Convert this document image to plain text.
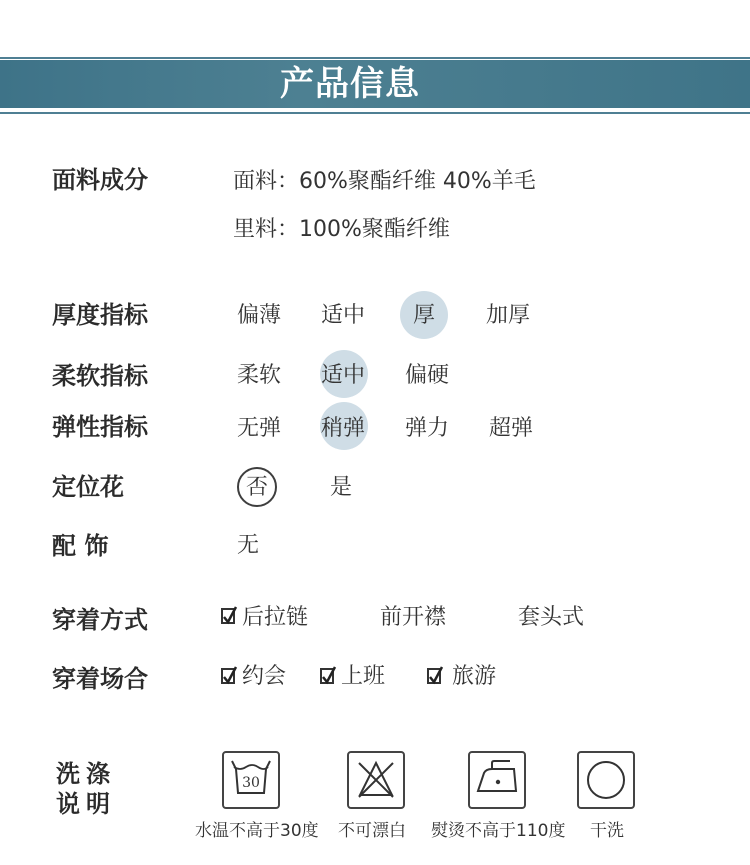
产品信息
面料成分	面料：60%聚酯纤维 40%羊毛
里料：100%聚酯纤维
厚度指标	偏薄 适中 厚 加厚
柔软指标	柔软 适中 偏硬
弹性指标	无弹 稍弹 弹力 超弹
定位花	否	是
配 饰	无
穿着方式	后拉链	前开襟	套头式
穿着场合	约会 上班	旅游
洗涤
说明
30
水温不高于30度 不可漂白 熨烫不高于110度 干洗
